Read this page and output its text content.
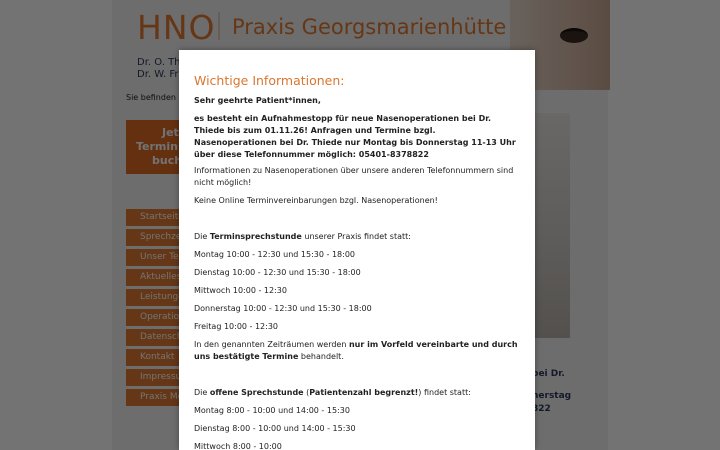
Wichtige Informationen:
Sehr geehrte Patient*innen,
es besteht ein Aufnahmestopp für neue Nasenoperationen bei Dr. Thiede bis zum 01.11.26! Anfragen und Termine bzgl. Nasenoperationen bei Dr. Thiede nur Montag bis Donnerstag 11-13 Uhr über diese Telefonnummer möglich: 05401-8378822
Informationen zu Nasenoperationen über unsere anderen Telefonnummern sind nicht möglich!
Keine Online Terminvereinbarungen bzgl. Nasenoperationen!
Die Terminsprechstunde unserer Praxis findet statt:
Montag 10:00 - 12:30 und 15:30 - 18:00
Dienstag 10:00 - 12:30 und 15:30 - 18:00
Mittwoch 10:00 - 12:30
Donnerstag 10:00 - 12:30 und 15:30 - 18:00
Freitag 10:00 - 12:30
In den genannten Zeiträumen werden nur im Vorfeld vereinbarte und durch uns bestätigte Termine behandelt.
Die offene Sprechstunde (Patientenzahl begrenzt!) findet statt:
Montag 8:00 - 10:00 und 14:00 - 15:30
Dienstag 8:00 - 10:00 und 14:00 - 15:30
Mittwoch 8:00 - 10:00
